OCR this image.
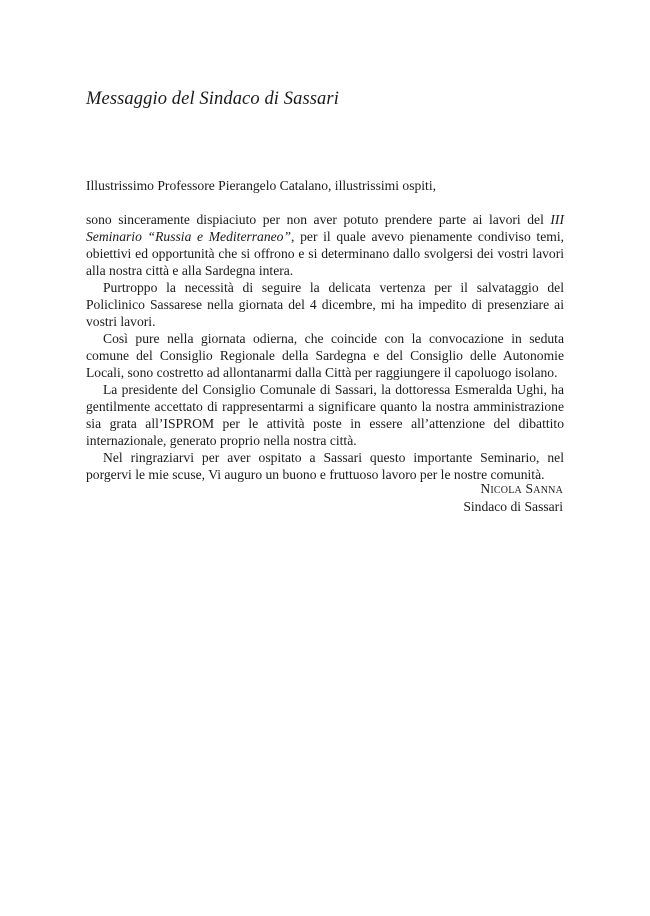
Messaggio del Sindaco di Sassari

Illustrissimo Professore Pierangelo Catalano, illustrissimi ospiti,

sono sinceramente dispiaciuto per non aver potuto prendere parte ai lavori del III Seminario “Russia e Mediterraneo”, per il quale avevo pienamente condiviso temi, obiettivi ed opportunità che si offrono e si determinano dallo svolgersi dei vostri lavori alla nostra città e alla Sardegna intera.

Purtroppo la necessità di seguire la delicata vertenza per il salvataggio del Policlinico Sassarese nella giornata del 4 dicembre, mi ha impedito di presenziare ai vostri lavori.

Così pure nella giornata odierna, che coincide con la convocazione in seduta comune del Consiglio Regionale della Sardegna e del Consiglio delle Autonomie Locali, sono costretto ad allontanarmi dalla Città per raggiungere il capoluogo isolano.

La presidente del Consiglio Comunale di Sassari, la dottoressa Esmeralda Ughi, ha gentilmente accettato di rappresentarmi a significare quanto la nostra amministrazione sia grata all’ISPROM per le attività poste in essere all’attenzione del dibattito internazionale, generato proprio nella nostra città.

Nel ringraziarvi per aver ospitato a Sassari questo importante Seminario, nel porgervi le mie scuse, Vi auguro un buono e fruttuoso lavoro per le nostre comunità.

Nicola Sanna
Sindaco di Sassari
